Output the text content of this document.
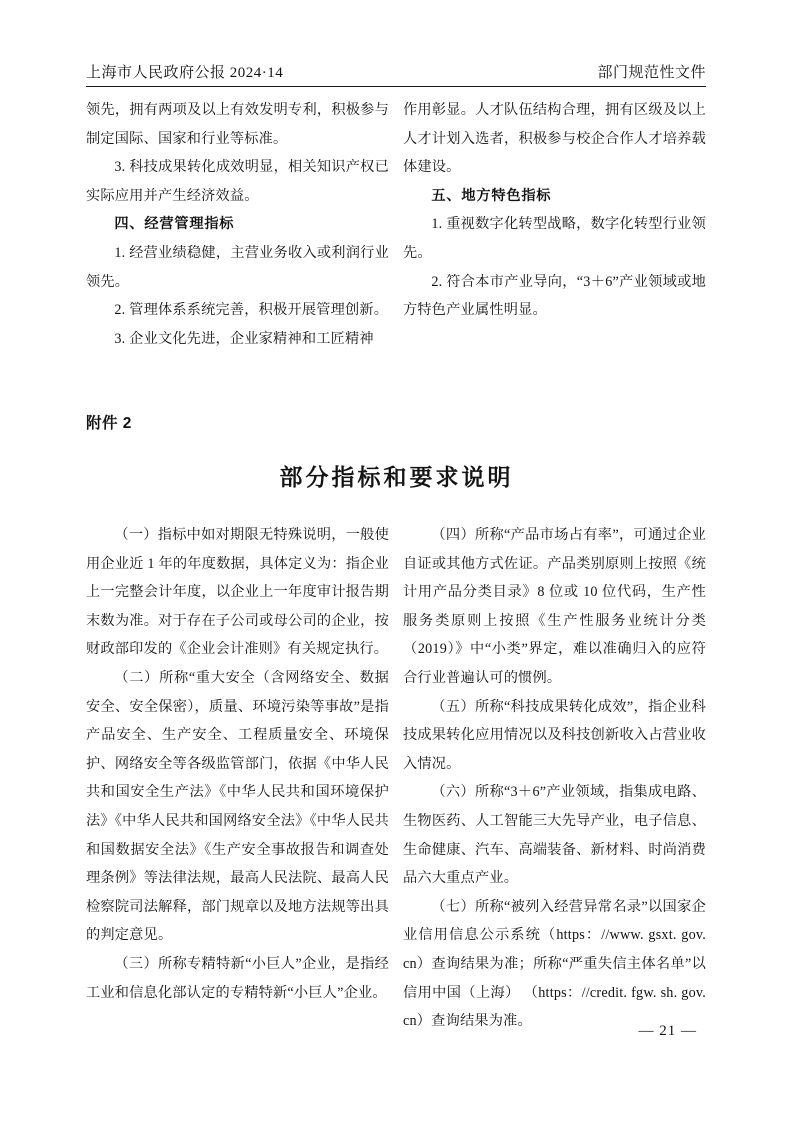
上海市人民政府公报 2024·14	部门规范性文件

领先，拥有两项及以上有效发明专利，积极参与制定国际、国家和行业等标准。

3. 科技成果转化成效明显，相关知识产权已实际应用并产生经济效益。

四、经营管理指标

1. 经营业绩稳健，主营业务收入或利润行业领先。

2. 管理体系系统完善，积极开展管理创新。

3. 企业文化先进，企业家精神和工匠精神

作用彰显。人才队伍结构合理，拥有区级及以上人才计划入选者，积极参与校企合作人才培养载体建设。

五、地方特色指标

1. 重视数字化转型战略，数字化转型行业领先。

2. 符合本市产业导向，“3＋6”产业领域或地方特色产业属性明显。

附件 2
部分指标和要求说明

（一）指标中如对期限无特殊说明，一般使用企业近 1 年的年度数据，具体定义为：指企业上一完整会计年度，以企业上一年度审计报告期末数为准。对于存在子公司或母公司的企业，按财政部印发的《企业会计准则》有关规定执行。

（二）所称“重大安全（含网络安全、数据安全、安全保密），质量、环境污染等事故”是指产品安全、生产安全、工程质量安全、环境保护、网络安全等各级监管部门，依据《中华人民共和国安全生产法》《中华人民共和国环境保护法》《中华人民共和国网络安全法》《中华人民共和国数据安全法》《生产安全事故报告和调查处理条例》等法律法规，最高人民法院、最高人民检察院司法解释，部门规章以及地方法规等出具的判定意见。

（三）所称专精特新“小巨人”企业，是指经工业和信息化部认定的专精特新“小巨人”企业。

（四）所称“产品市场占有率”，可通过企业自证或其他方式佐证。产品类别原则上按照《统计用产品分类目录》8 位或 10 位代码，生产性服务类原则上按照《生产性服务业统计分类（2019）》中“小类”界定，难以准确归入的应符合行业普遍认可的惯例。

（五）所称“科技成果转化成效”，指企业科技成果转化应用情况以及科技创新收入占营业收入情况。

（六）所称“3＋6”产业领域，指集成电路、生物医药、人工智能三大先导产业，电子信息、生命健康、汽车、高端装备、新材料、时尚消费品六大重点产业。

（七）所称“被列入经营异常名录”以国家企业信用信息公示系统（https：//www. gsxt. gov. cn）查询结果为准；所称“严重失信主体名单”以信用中国（上海） （https：//credit. fgw. sh. gov. cn）查询结果为准。

— 21 —
